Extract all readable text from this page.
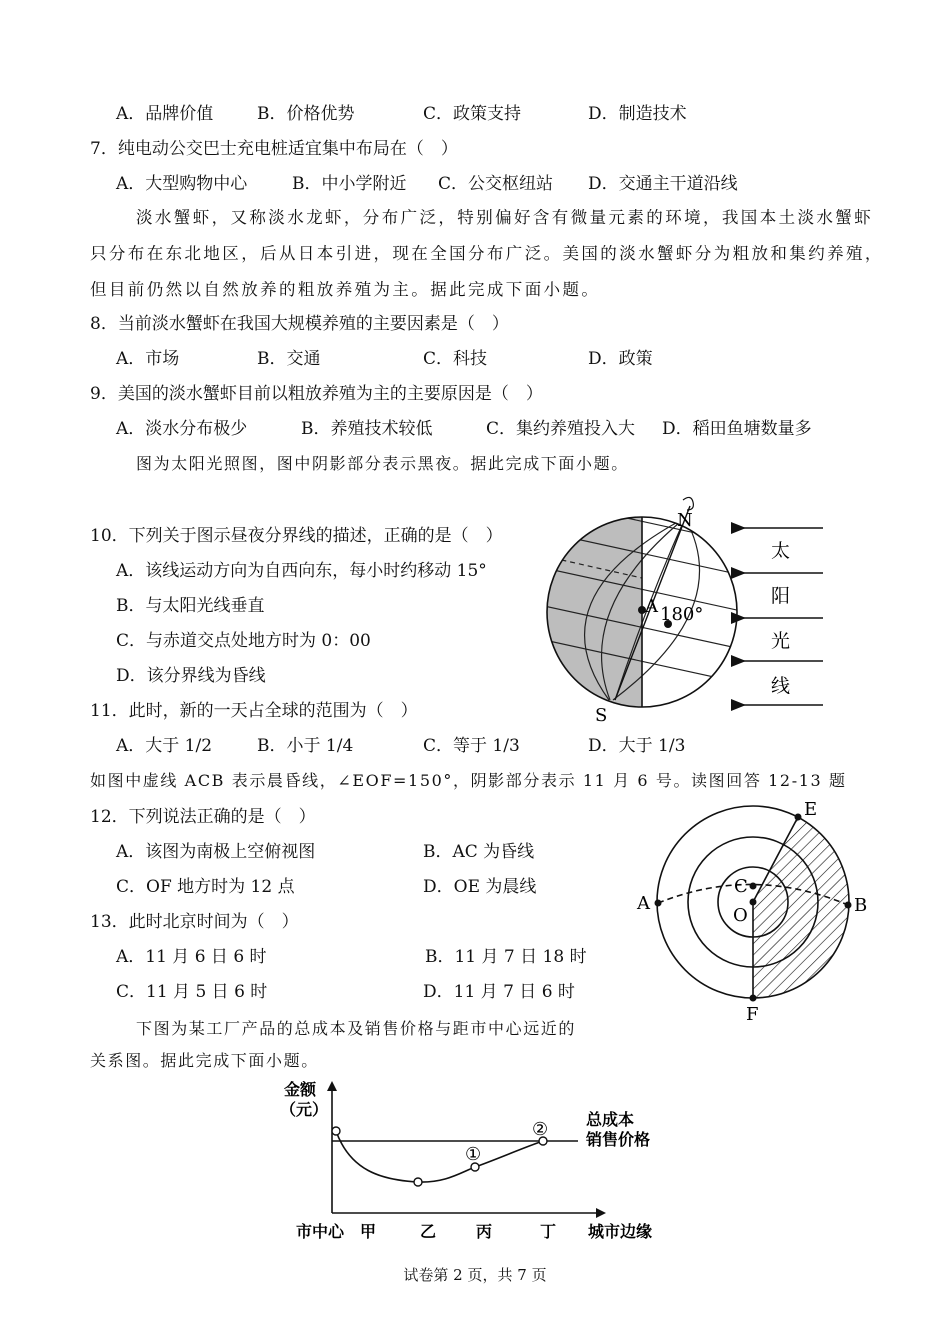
A．品牌价值	B．价格优势	C．政策支持	D．制造技术
7．纯电动公交巴士充电桩适宜集中布局在（　）
A．大型购物中心	B．中小学附近 C．公交枢纽站 D．交通主干道沿线
淡水蟹虾，又称淡水龙虾，分布广泛，特别偏好含有微量元素的环境，我国本土淡水蟹虾只分布在东北地区，后从日本引进，现在全国分布广泛。美国的淡水蟹虾分为粗放和集约养殖，但目前仍然以自然放养的粗放养殖为主。据此完成下面小题。
8．当前淡水蟹虾在我国大规模养殖的主要因素是（　）
A．市场	B．交通	C．科技	D．政策
9．美国的淡水蟹虾目前以粗放养殖为主的主要原因是（　）
A．淡水分布极少	B．养殖技术较低	C．集约养殖投入大 D．稻田鱼塘数量多
图为太阳光照图，图中阴影部分表示黑夜。据此完成下面小题。
10．下列关于图示昼夜分界线的描述，正确的是（　）
A．该线运动方向为自西向东，每小时约移动 15°
B．与太阳光线垂直
C．与赤道交点处地方时为 0：00
D．该分界线为昏线
11．此时，新的一天占全球的范围为（　）
A．大于 1/2	B．小于 1/4	C．等于 1/3	D．大于 1/3
N
S
A 180°
太
阳
光
线
如图中虚线 ACB 表示晨昏线，∠EOF=150°，阴影部分表示 11 月 6 号。读图回答 12-13 题
12．下列说法正确的是（　）
A．该图为南极上空俯视图	B．AC 为昏线
C．OF 地方时为 12 点	D．OE 为晨线
13．此时北京时间为（　）
A．11 月 6 日 6 时	B．11 月 7 日 18 时
C．11 月 5 日 6 时	D．11 月 7 日 6 时
A	B
C
O
E
F
下图为某工厂产品的总成本及销售价格与距市中心远近的
关系图。据此完成下面小题。
金额
（元）
①
② 总成本
销售价格
市中心 甲	乙 丙	丁 城市边缘
试卷第 2 页，共 7 页
